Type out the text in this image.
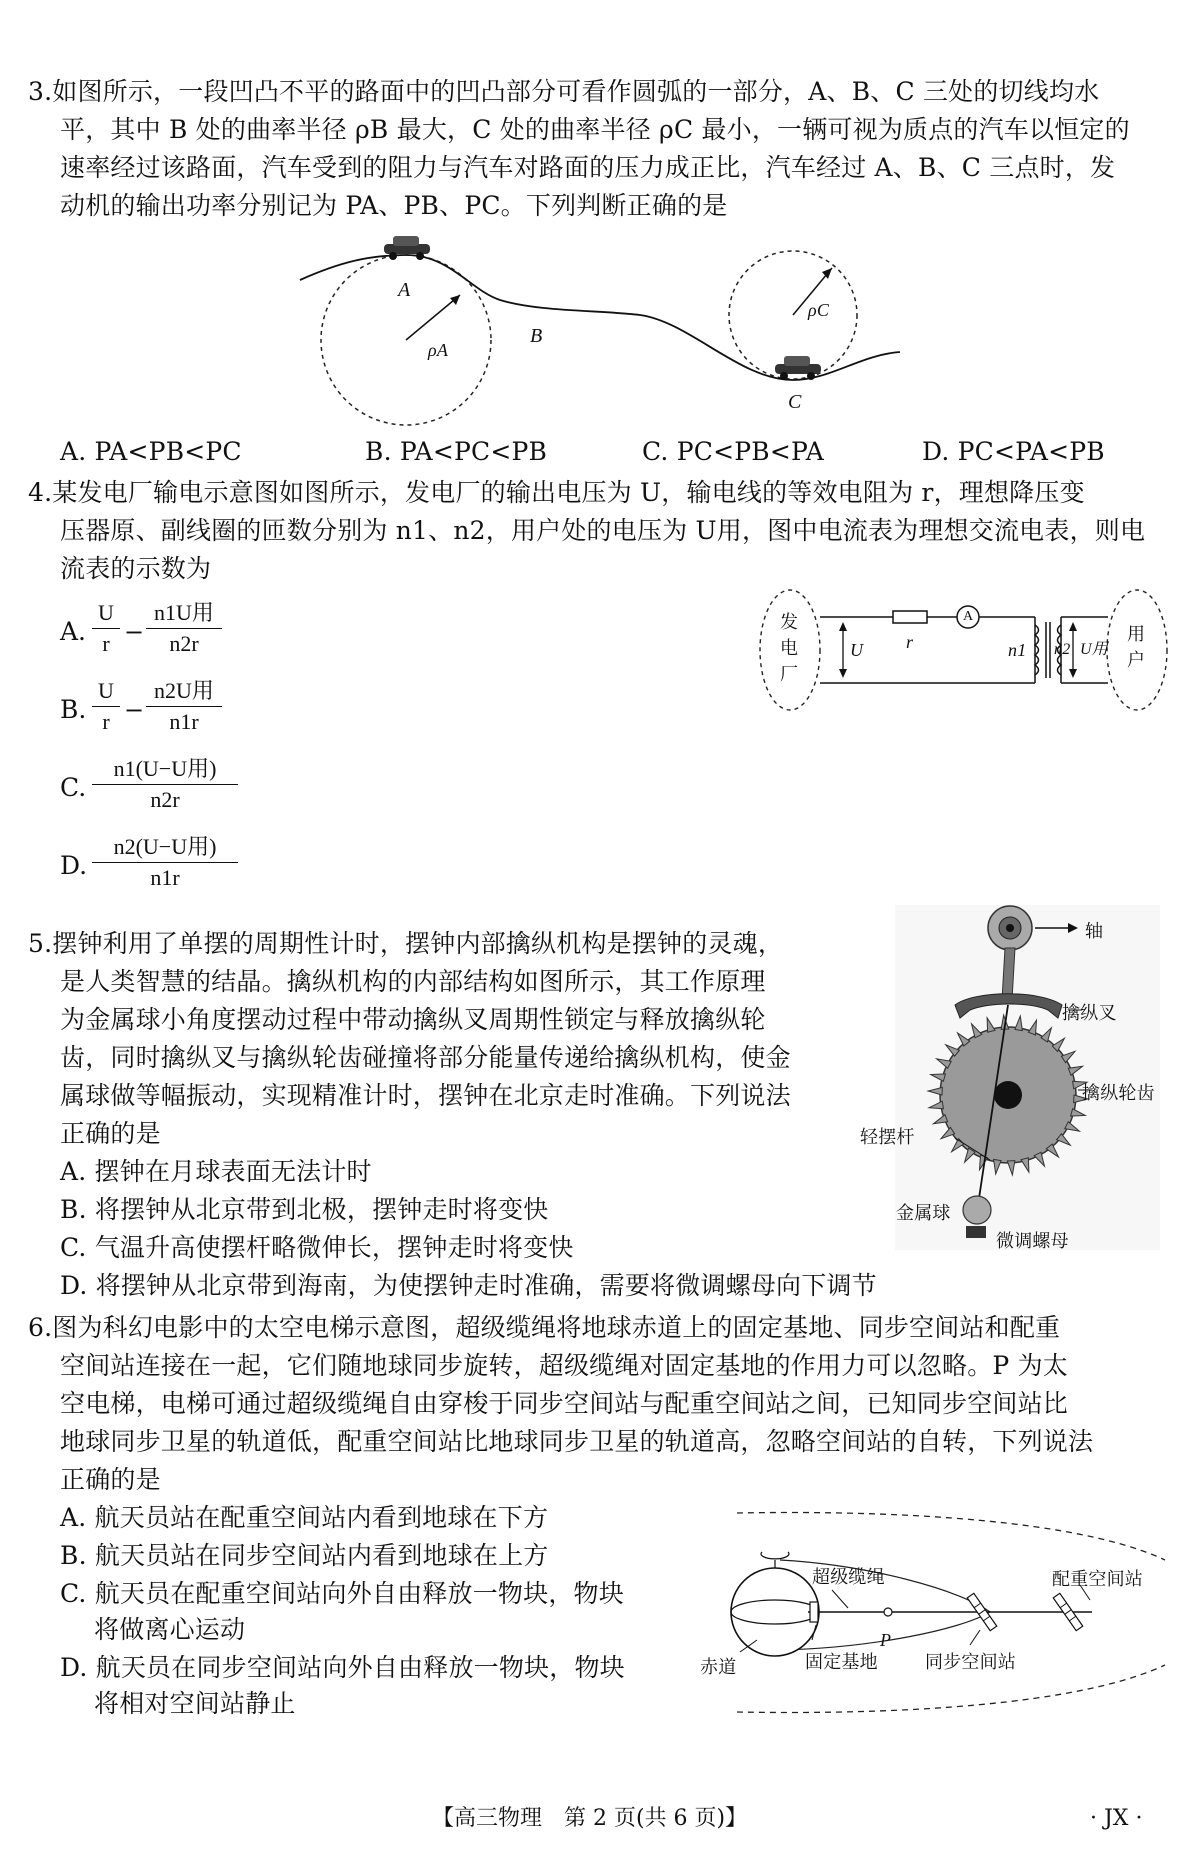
3.如图所示，一段凹凸不平的路面中的凹凸部分可看作圆弧的一部分，A、B、C 三处的切线均水
平，其中 B 处的曲率半径 ρB 最大，C 处的曲率半径 ρC 最小，一辆可视为质点的汽车以恒定的
速率经过该路面，汽车受到的阻力与汽车对路面的压力成正比，汽车经过 A、B、C 三点时，发
动机的输出功率分别记为 PA、PB、PC。下列判断正确的是
A
B
C
ρA
ρC
A. PA<PB<PC	B. PA<PC<PB	C. PC<PB<PA	D. PC<PA<PB
4.某发电厂输电示意图如图所示，发电厂的输出电压为 U，输电线的等效电阻为 r，理想降压变
压器原、副线圈的匝数分别为 n1、n2，用户处的电压为 U用，图中电流表为理想交流电表，则电
流表的示数为
A. $\frac{U}{r}$ −
n1U用
n2r
B. $\frac{U}{r}$ −
n2U用
n1r
C.
n1(U−U用)
n2r
D.
n2(U−U用)
n1r
发
电
厂
用
户
U r
A
n1 n2 U用
5.摆钟利用了单摆的周期性计时，摆钟内部擒纵机构是摆钟的灵魂，
是人类智慧的结晶。擒纵机构的内部结构如图所示，其工作原理
为金属球小角度摆动过程中带动擒纵叉周期性锁定与释放擒纵轮
齿，同时擒纵叉与擒纵轮齿碰撞将部分能量传递给擒纵机构，使金
属球做等幅振动，实现精准计时，摆钟在北京走时准确。下列说法
正确的是
A. 摆钟在月球表面无法计时
B. 将摆钟从北京带到北极，摆钟走时将变快
C. 气温升高使摆杆略微伸长，摆钟走时将变快
D. 将摆钟从北京带到海南，为使摆钟走时准确，需要将微调螺母向下调节
轴
擒纵叉
擒纵轮齿
轻摆杆
金属球
微调螺母
6.图为科幻电影中的太空电梯示意图，超级缆绳将地球赤道上的固定基地、同步空间站和配重
空间站连接在一起，它们随地球同步旋转，超级缆绳对固定基地的作用力可以忽略。P 为太
空电梯，电梯可通过超级缆绳自由穿梭于同步空间站与配重空间站之间，已知同步空间站比
地球同步卫星的轨道低，配重空间站比地球同步卫星的轨道高，忽略空间站的自转，下列说法
正确的是
A. 航天员站在配重空间站内看到地球在下方
B. 航天员站在同步空间站内看到地球在上方
C. 航天员在配重空间站向外自由释放一物块，物块
将做离心运动
D. 航天员在同步空间站向外自由释放一物块，物块
将相对空间站静止
超级缆绳	配重空间站
P
同步空间站
固定基地
赤道
【高三物理　第 2 页(共 6 页)】	· JX ·
